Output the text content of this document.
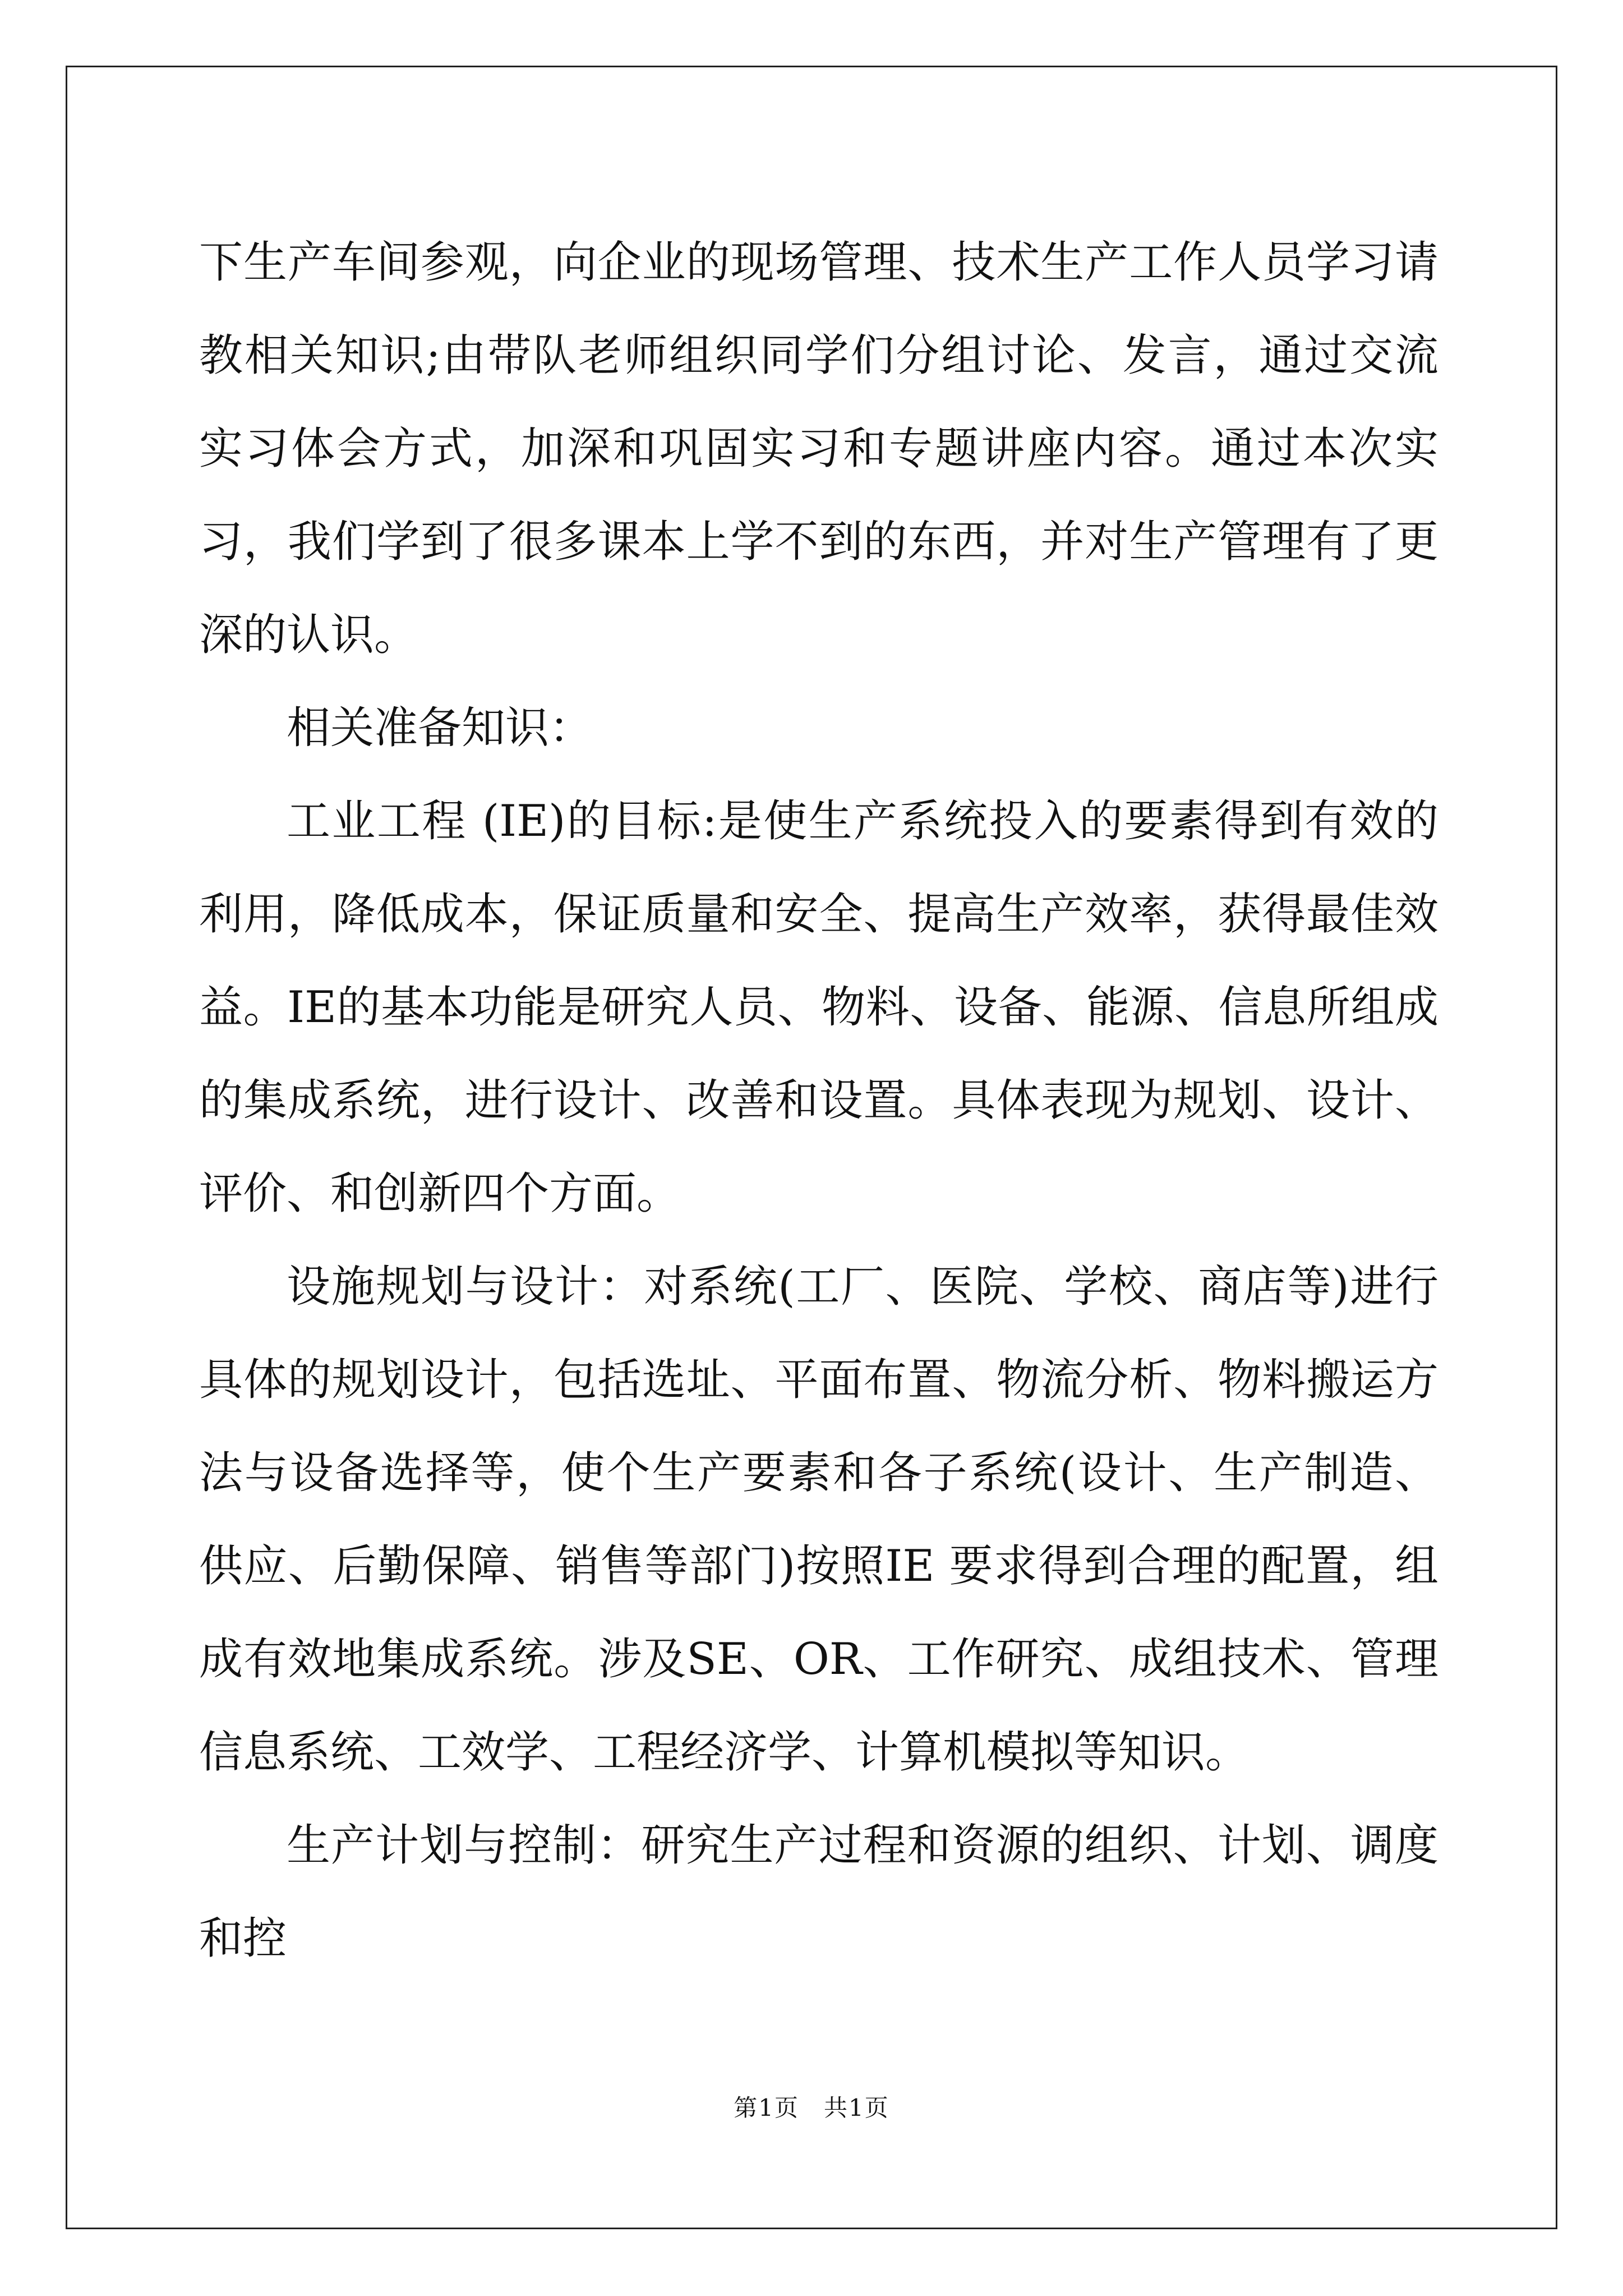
下生产车间参观，向企业的现场管理、技术生产工作人员学习请教相关知识;由带队老师组织同学们分组讨论、发言，通过交流实习体会方式，加深和巩固实习和专题讲座内容。通过本次实习，我们学到了很多课本上学不到的东西，并对生产管理有了更深的认识。

相关准备知识：

工业工程 (IE)的目标:是使生产系统投入的要素得到有效的利用，降低成本，保证质量和安全、提高生产效率，获得最佳效益。IE的基本功能是研究人员、物料、设备、能源、信息所组成的集成系统，进行设计、改善和设置。具体表现为规划、设计、评价、和创新四个方面。

设施规划与设计：对系统(工厂、医院、学校、商店等)进行具体的规划设计，包括选址、平面布置、物流分析、物料搬运方法与设备选择等，使个生产要素和各子系统(设计、生产制造、供应、后勤保障、销售等部门)按照IE 要求得到合理的配置，组成有效地集成系统。涉及SE、OR、工作研究、成组技术、管理信息系统、工效学、工程经济学、计算机模拟等知识。

生产计划与控制：研究生产过程和资源的组织、计划、调度和控

第1页　共1页
